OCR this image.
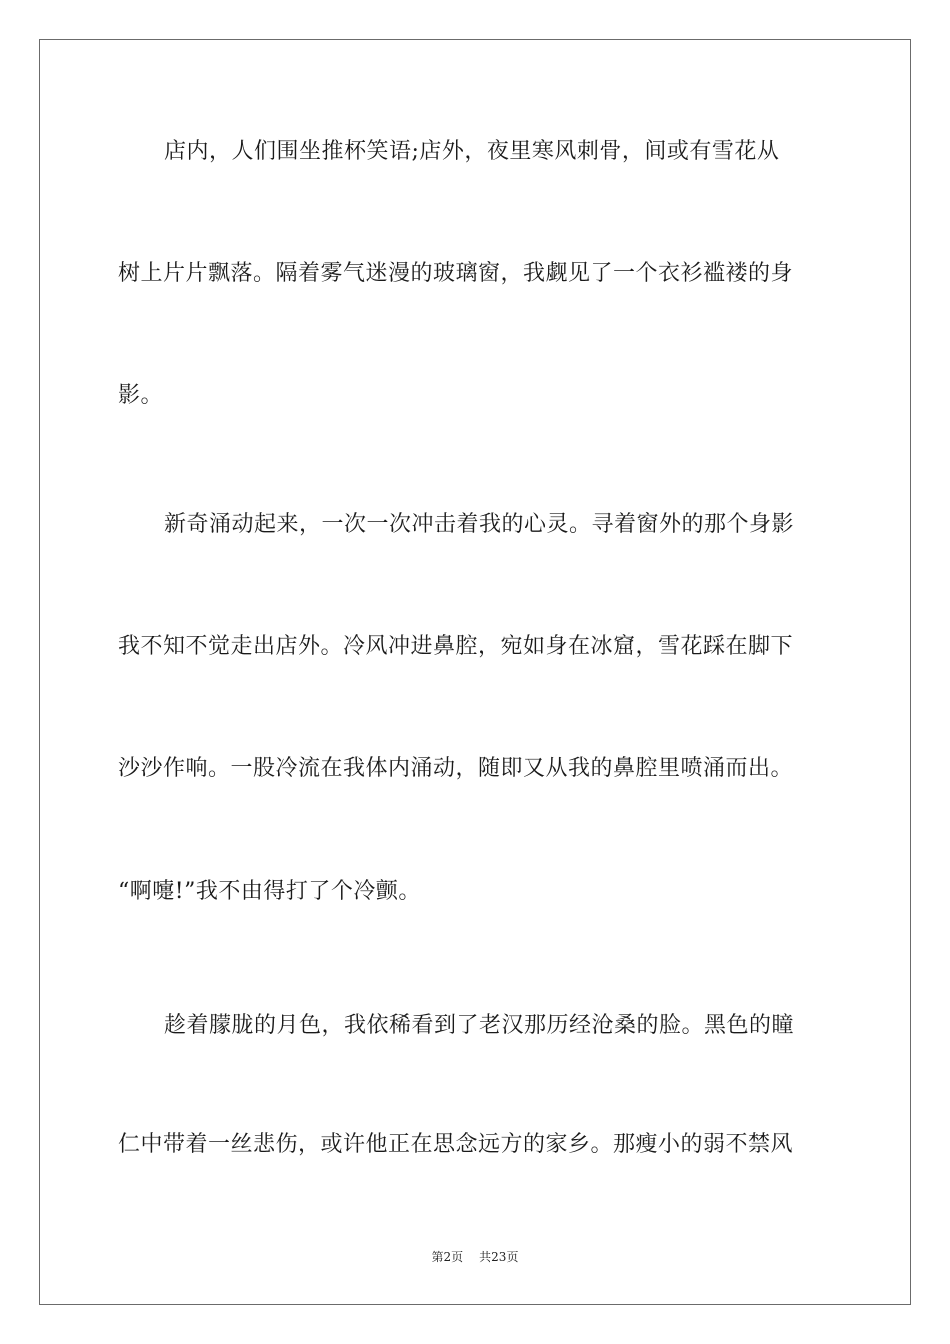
店内，人们围坐推杯笑语;店外，夜里寒风刺骨，间或有雪花从
树上片片飘落。隔着雾气迷漫的玻璃窗，我觑见了一个衣衫褴褛的身
影。
新奇涌动起来，一次一次冲击着我的心灵。寻着窗外的那个身影
我不知不觉走出店外。冷风冲进鼻腔，宛如身在冰窟，雪花踩在脚下
沙沙作响。一股冷流在我体内涌动，随即又从我的鼻腔里喷涌而出。
“啊嚏!”我不由得打了个冷颤。
趁着朦胧的月色，我依稀看到了老汉那历经沧桑的脸。黑色的瞳
仁中带着一丝悲伤，或许他正在思念远方的家乡。那瘦小的弱不禁风
第2页 共23页
